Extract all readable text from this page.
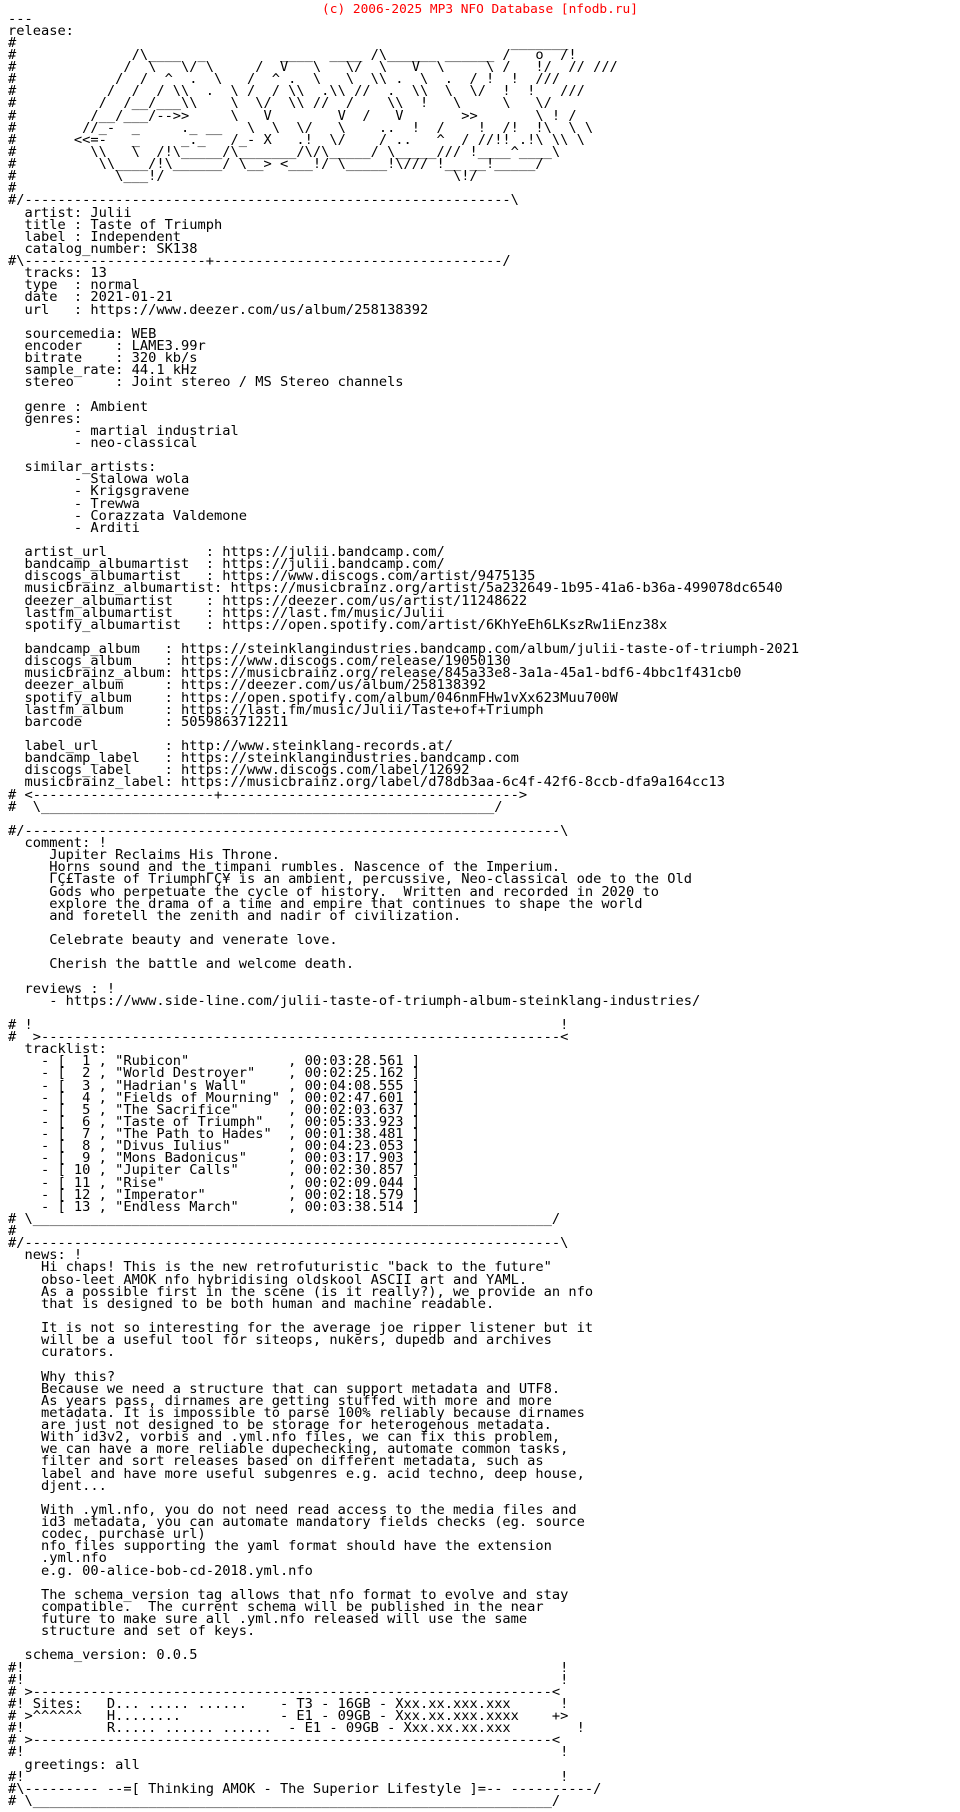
(c) 2006-2025 MP3 NFO Database [nfodb.ru]
---
release:
#                                                            _______
#              /\____  _         ____  ____ /\______ ______ /   o  /!
#             /  \   \/ \     /  V   \   \/  \   V  \     \ /   !/  // ///
#            /  /  ^  .  \   /  ^ .  \   \  \\ .  \  .  / !  !  ///
#           /  /  / \\  .  \ /  / \\  .\\ //  .  \\  \  \/  !  !   ///
#          /  /__/___\\    \  \/  \\ //  /    \\  !   \     \   \/
#         /__/___/-->>     \   V        V  /   V       >>       \ ! /
#        //_-  _     ._ __   \  \  \/   \    ..  !  /    !  /!  !\  \ \
#       <<=-   _     _._   /_- X   .!  \/    / ..   ^  / //!! .!\ \\ \
#         \\   \  /!\_____/\_______/\/\_____/ \_____/// !____^____\
#          \\____/!\______/ \__> <___!/ \_____!\/// !__ __!_____/
#            \___!/                                   \!/
#
#/-----------------------------------------------------------\
artist: Julii
title : Taste of Triumph
label : Independent
catalog_number: SK138
#\----------------------+-----------------------------------/
tracks: 13
type  : normal
date  : 2021-01-21
url   : https://www.deezer.com/us/album/258138392

sourcemedia: WEB
encoder    : LAME3.99r
bitrate    : 320 kb/s
sample_rate: 44.1 kHz
stereo     : Joint stereo / MS Stereo channels

genre : Ambient
genres:
- martial industrial
- neo-classical

similar_artists:
- Stalowa wola
- Krigsgravene
- Trewwa
- Corazzata Valdemone
- Arditi

artist_url            : https://julii.bandcamp.com/
bandcamp_albumartist  : https://julii.bandcamp.com/
discogs_albumartist   : https://www.discogs.com/artist/9475135
musicbrainz_albumartist: https://musicbrainz.org/artist/5a232649-1b95-41a6-b36a-499078dc6540
deezer_albumartist    : https://deezer.com/us/artist/11248622
lastfm_albumartist    : https://last.fm/music/Julii
spotify_albumartist   : https://open.spotify.com/artist/6KhYeEh6LKszRw1iEnz38x

bandcamp_album   : https://steinklangindustries.bandcamp.com/album/julii-taste-of-triumph-2021
discogs_album    : https://www.discogs.com/release/19050130
musicbrainz_album: https://musicbrainz.org/release/845a33e8-3a1a-45a1-bdf6-4bbc1f431cb0
deezer_album     : https://deezer.com/us/album/258138392
spotify_album    : https://open.spotify.com/album/046nmFHw1vXx623Muu700W
lastfm_album     : https://last.fm/music/Julii/Taste+of+Triumph
barcode          : 5059863712211

label_url        : http://www.steinklang-records.at/
bandcamp_label   : https://steinklangindustries.bandcamp.com
discogs_label    : https://www.discogs.com/label/12692
musicbrainz_label: https://musicbrainz.org/label/d78db3aa-6c4f-42f6-8ccb-dfa9a164cc13
# <----------------------+------------------------------------>
#  \_______________________________________________________/

#/-----------------------------------------------------------------\
comment: !
Jupiter Reclaims His Throne.
Horns sound and the timpani rumbles. Nascence of the Imperium.
ΓÇ£Taste of TriumphΓÇ¥ is an ambient, percussive, Neo-classical ode to the Old
Gods who perpetuate the cycle of history.  Written and recorded in 2020 to
explore the drama of a time and empire that continues to shape the world
and foretell the zenith and nadir of civilization.

Celebrate beauty and venerate love.

Cherish the battle and welcome death.

reviews : !
- https://www.side-line.com/julii-taste-of-triumph-album-steinklang-industries/

# !                                                                !
#  >---------------------------------------------------------------<
tracklist:
- [  1 , "Rubicon"            , 00:03:28.561 ]
- [  2 , "World Destroyer"    , 00:02:25.162 ]
- [  3 , "Hadrian's Wall"     , 00:04:08.555 ]
- [  4 , "Fields of Mourning" , 00:02:47.601 ]
- [  5 , "The Sacrifice"      , 00:02:03.637 ]
- [  6 , "Taste of Triumph"   , 00:05:33.923 ]
- [  7 , "The Path to Hades"  , 00:01:38.481 ]
- [  8 , "Divus Iulius"       , 00:04:23.053 ]
- [  9 , "Mons Badonicus"     , 00:03:17.903 ]
- [ 10 , "Jupiter Calls"      , 00:02:30.857 ]
- [ 11 , "Rise"               , 00:02:09.044 ]
- [ 12 , "Imperator"          , 00:02:18.579 ]
- [ 13 , "Endless March"      , 00:03:38.514 ]
# \_______________________________________________________________/
#
#/-----------------------------------------------------------------\
news: !
Hi chaps! This is the new retrofuturistic "back to the future"
obso-leet AMOK nfo hybridising oldskool ASCII art and YAML.
As a possible first in the scene (is it really?), we provide an nfo
that is designed to be both human and machine readable.

It is not so interesting for the average joe ripper listener but it
will be a useful tool for siteops, nukers, dupedb and archives
curators.

Why this?
Because we need a structure that can support metadata and UTF8.
As years pass, dirnames are getting stuffed with more and more
metadata. It is impossible to parse 100% reliably because dirnames
are just not designed to be storage for heterogenous metadata.
With id3v2, vorbis and .yml.nfo files, we can fix this problem,
we can have a more reliable dupechecking, automate common tasks,
filter and sort releases based on different metadata, such as
label and have more useful subgenres e.g. acid techno, deep house,
djent...

With .yml.nfo, you do not need read access to the media files and
id3 metadata, you can automate mandatory fields checks (eg. source
codec, purchase url)
nfo files supporting the yaml format should have the extension
.yml.nfo
e.g. 00-alice-bob-cd-2018.yml.nfo

The schema_version tag allows that nfo format to evolve and stay
compatible.  The current schema will be published in the near
future to make sure all .yml.nfo released will use the same
structure and set of keys.

schema_version: 0.0.5
#!                                                                 !
#!                                                                 !
# >---------------------------------------------------------------<
#! Sites:   D... ..... ......    - T3 - 16GB - Xxx.xx.xxx.xxx      !
# >^^^^^^   H........            - E1 - 09GB - Xxx.xx.xxx.xxxx    +>
#!          R..... ...... ......  - E1 - 09GB - Xxx.xx.xx.xxx        !
# >---------------------------------------------------------------<
#!                                                                 !
greetings: all
#!                                                                 !
#\--------- --=[ Thinking AMOK - The Superior Lifestyle ]=-- ----------/
# \_______________________________________________________________/
